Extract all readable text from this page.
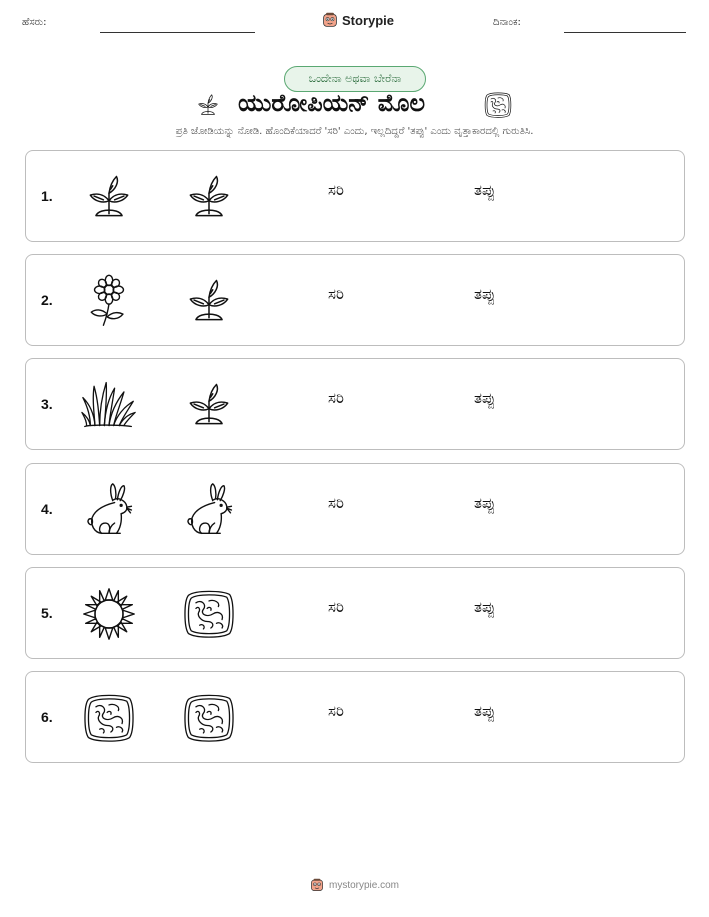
ಹೆಸರು:	Storypie	ದಿನಾಂಕ:
ಒಂದೇನಾ ಅಥವಾ ಬೇರೆನಾ
ಯುರೋಪಿಯನ್ ಮೊಲ
ಪ್ರತಿ ಜೋಡಿಯನ್ನು ನೋಡಿ. ಹೊಂದಿಕೆಯಾದರೆ 'ಸರಿ' ಎಂದು, ಇಲ್ಲದಿದ್ದರೆ 'ತಪ್ಪು' ಎಂದು ವೃತ್ತಾಕಾರದಲ್ಲಿ ಗುರುತಿಸಿ.
1.	ಸರಿ	ತಪ್ಪು
2.	ಸರಿ	ತಪ್ಪು
3.	ಸರಿ	ತಪ್ಪು
4.	ಸರಿ	ತಪ್ಪು
5.	ಸರಿ	ತಪ್ಪು
6.	ಸರಿ	ತಪ್ಪು
mystorypie.com
